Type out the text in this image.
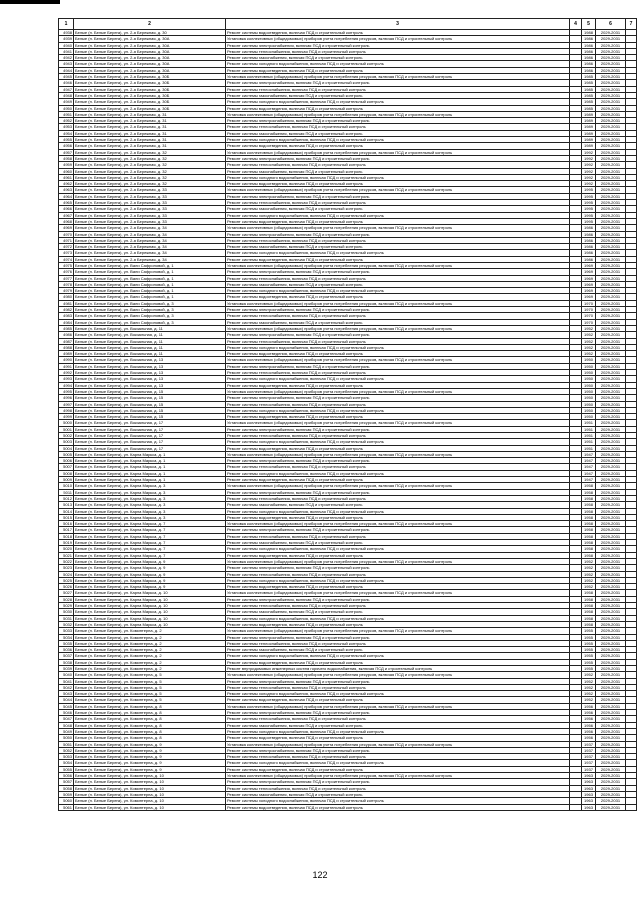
1	2	3	4	5	6	7
4938	Белые (п. Белые Берега), ул. 2-я Бережная, д. 30	Ремонт системы водоотведения, включая ПСД и строительный контроль		1988	2029-2031	
4939	Белые (п. Белые Берега), ул. 2-я Бережная, д. 30А	Установка коллективных (общедомовых) приборов учета потребления ресурсов, включая ПСД и строительный контроль		1986	2029-2031	
4940	Белые (п. Белые Берега), ул. 2-я Бережная, д. 30А	Ремонт системы электроснабжения, включая ПСД и строительный контроль		1986	2029-2031	
4941	Белые (п. Белые Берега), ул. 2-я Бережная, д. 30А	Ремонт системы теплоснабжения, включая ПСД и строительный контроль		1986	2029-2031	
4942	Белые (п. Белые Берега), ул. 2-я Бережная, д. 30А	Ремонт системы газоснабжения, включая ПСД и строительный контроль		1986	2029-2031	
4943	Белые (п. Белые Берега), ул. 2-я Бережная, д. 30А	Ремонт системы холодного водоснабжения, включая ПСД и строительный контроль		1986	2029-2031	
4944	Белые (п. Белые Берега), ул. 2-я Бережная, д. 30А	Ремонт системы водоотведения, включая ПСД и строительный контроль		1986	2029-2031	
4945	Белые (п. Белые Берега), ул. 2-я Бережная, д. 30Б	Установка коллективных (общедомовых) приборов учета потребления ресурсов, включая ПСД и строительный контроль		1985	2029-2031	
4946	Белые (п. Белые Берега), ул. 2-я Бережная, д. 30Б	Ремонт системы электроснабжения, включая ПСД и строительный контроль		1985	2029-2031	
4947	Белые (п. Белые Берега), ул. 2-я Бережная, д. 30Б	Ремонт системы теплоснабжения, включая ПСД и строительный контроль		1985	2029-2031	
4948	Белые (п. Белые Берега), ул. 2-я Бережная, д. 30Б	Ремонт системы газоснабжения, включая ПСД и строительный контроль		1985	2029-2031	
4949	Белые (п. Белые Берега), ул. 2-я Бережная, д. 30Б	Ремонт системы холодного водоснабжения, включая ПСД и строительный контроль		1985	2029-2031	
4950	Белые (п. Белые Берега), ул. 2-я Бережная, д. 30Б	Ремонт системы водоотведения, включая ПСД и строительный контроль		1985	2029-2031	
4951	Белые (п. Белые Берега), ул. 2-я Бережная, д. 31	Установка коллективных (общедомовых) приборов учета потребления ресурсов, включая ПСД и строительный контроль		1989	2029-2031	
4952	Белые (п. Белые Берега), ул. 2-я Бережная, д. 31	Ремонт системы электроснабжения, включая ПСД и строительный контроль		1989	2029-2031	
4953	Белые (п. Белые Берега), ул. 2-я Бережная, д. 31	Ремонт системы теплоснабжения, включая ПСД и строительный контроль		1989	2029-2031	
4954	Белые (п. Белые Берега), ул. 2-я Бережная, д. 31	Ремонт системы газоснабжения, включая ПСД и строительный контроль		1989	2029-2031	
4955	Белые (п. Белые Берега), ул. 2-я Бережная, д. 31	Ремонт системы холодного водоснабжения, включая ПСД и строительный контроль		1989	2029-2031	
4956	Белые (п. Белые Берега), ул. 2-я Бережная, д. 31	Ремонт системы водоотведения, включая ПСД и строительный контроль		1989	2029-2031	
4957	Белые (п. Белые Берега), ул. 2-я Бережная, д. 32	Установка коллективных (общедомовых) приборов учета потребления ресурсов, включая ПСД и строительный контроль		1992	2029-2031	
4958	Белые (п. Белые Берега), ул. 2-я Бережная, д. 32	Ремонт системы электроснабжения, включая ПСД и строительный контроль		1992	2029-2031	
4959	Белые (п. Белые Берега), ул. 2-я Бережная, д. 32	Ремонт системы теплоснабжения, включая ПСД и строительный контроль		1992	2029-2031	
4960	Белые (п. Белые Берега), ул. 2-я Бережная, д. 32	Ремонт системы газоснабжения, включая ПСД и строительный контроль		1992	2029-2031	
4961	Белые (п. Белые Берега), ул. 2-я Бережная, д. 32	Ремонт системы холодного водоснабжения, включая ПСД и строительный контроль		1992	2029-2031	
4962	Белые (п. Белые Берега), ул. 2-я Бережная, д. 32	Ремонт системы водоотведения, включая ПСД и строительный контроль		1992	2029-2031	
4963	Белые (п. Белые Берега), ул. 2-я Бережная, д. 33	Установка коллективных (общедомовых) приборов учета потребления ресурсов, включая ПСД и строительный контроль		1995	2029-2031	
4964	Белые (п. Белые Берега), ул. 2-я Бережная, д. 33	Ремонт системы электроснабжения, включая ПСД и строительный контроль		1995	2029-2031	
4965	Белые (п. Белые Берега), ул. 2-я Бережная, д. 33	Ремонт системы теплоснабжения, включая ПСД и строительный контроль		1995	2029-2031	
4966	Белые (п. Белые Берега), ул. 2-я Бережная, д. 33	Ремонт системы газоснабжения, включая ПСД и строительный контроль		1995	2029-2031	
4967	Белые (п. Белые Берега), ул. 2-я Бережная, д. 33	Ремонт системы холодного водоснабжения, включая ПСД и строительный контроль		1995	2029-2031	
4968	Белые (п. Белые Берега), ул. 2-я Бережная, д. 33	Ремонт системы водоотведения, включая ПСД и строительный контроль		1995	2029-2031	
4969	Белые (п. Белые Берега), ул. 2-я Бережная, д. 34	Установка коллективных (общедомовых) приборов учета потребления ресурсов, включая ПСД и строительный контроль		1986	2029-2031	
4970	Белые (п. Белые Берега), ул. 2-я Бережная, д. 34	Ремонт системы электроснабжения, включая ПСД и строительный контроль		1986	2029-2031	
4971	Белые (п. Белые Берега), ул. 2-я Бережная, д. 34	Ремонт системы теплоснабжения, включая ПСД и строительный контроль		1986	2029-2031	
4972	Белые (п. Белые Берега), ул. 2-я Бережная, д. 34	Ремонт системы газоснабжения, включая ПСД и строительный контроль		1986	2029-2031	
4973	Белые (п. Белые Берега), ул. 2-я Бережная, д. 34	Ремонт системы холодного водоснабжения, включая ПСД и строительный контроль		1986	2029-2031	
4974	Белые (п. Белые Берега), ул. 2-я Бережная, д. 34	Ремонт системы водоотведения, включая ПСД и строительный контроль		1986	2029-2031	
4975	Белые (п. Белые Берега), ул. Вали Сафроновой, д. 1	Установка коллективных (общедомовых) приборов учета потребления ресурсов, включая ПСД и строительный контроль		1969	2029-2031	
4976	Белые (п. Белые Берега), ул. Вали Сафроновой, д. 1	Ремонт системы электроснабжения, включая ПСД и строительный контроль		1969	2029-2031	
4977	Белые (п. Белые Берега), ул. Вали Сафроновой, д. 1	Ремонт системы теплоснабжения, включая ПСД и строительный контроль		1969	2029-2031	
4978	Белые (п. Белые Берега), ул. Вали Сафроновой, д. 1	Ремонт системы газоснабжения, включая ПСД и строительный контроль		1969	2029-2031	
4979	Белые (п. Белые Берега), ул. Вали Сафроновой, д. 1	Ремонт системы холодного водоснабжения, включая ПСД и строительный контроль		1969	2029-2031	
4980	Белые (п. Белые Берега), ул. Вали Сафроновой, д. 1	Ремонт системы водоотведения, включая ПСД и строительный контроль		1969	2029-2031	
4981	Белые (п. Белые Берега), ул. Вали Сафроновой, д. 3	Установка коллективных (общедомовых) приборов учета потребления ресурсов, включая ПСД и строительный контроль		1970	2029-2031	
4982	Белые (п. Белые Берега), ул. Вали Сафроновой, д. 3	Ремонт системы электроснабжения, включая ПСД и строительный контроль		1970	2029-2031	
4983	Белые (п. Белые Берега), ул. Вали Сафроновой, д. 3	Ремонт системы теплоснабжения, включая ПСД и строительный контроль		1970	2029-2031	
4984	Белые (п. Белые Берега), ул. Вали Сафроновой, д. 3	Ремонт системы газоснабжения, включая ПСД и строительный контроль		1970	2029-2031	
4985	Белые (п. Белые Берега), ул. Вокзальная, д. 11	Установка коллективных (общедомовых) приборов учета потребления ресурсов, включая ПСД и строительный контроль		1952	2029-2031	
4986	Белые (п. Белые Берега), ул. Вокзальная, д. 11	Ремонт системы электроснабжения, включая ПСД и строительный контроль		1952	2029-2031	
4987	Белые (п. Белые Берега), ул. Вокзальная, д. 11	Ремонт системы теплоснабжения, включая ПСД и строительный контроль		1952	2029-2031	
4988	Белые (п. Белые Берега), ул. Вокзальная, д. 11	Ремонт системы холодного водоснабжения, включая ПСД и строительный контроль		1952	2029-2031	
4989	Белые (п. Белые Берега), ул. Вокзальная, д. 11	Ремонт системы водоотведения, включая ПСД и строительный контроль		1952	2029-2031	
4990	Белые (п. Белые Берега), ул. Вокзальная, д. 13	Установка коллективных (общедомовых) приборов учета потребления ресурсов, включая ПСД и строительный контроль		1950	2029-2031	
4991	Белые (п. Белые Берега), ул. Вокзальная, д. 13	Ремонт системы электроснабжения, включая ПСД и строительный контроль		1950	2029-2031	
4992	Белые (п. Белые Берега), ул. Вокзальная, д. 13	Ремонт системы теплоснабжения, включая ПСД и строительный контроль		1950	2029-2031	
4993	Белые (п. Белые Берега), ул. Вокзальная, д. 13	Ремонт системы холодного водоснабжения, включая ПСД и строительный контроль		1950	2029-2031	
4994	Белые (п. Белые Берега), ул. Вокзальная, д. 13	Ремонт системы водоотведения, включая ПСД и строительный контроль		1950	2029-2031	
4995	Белые (п. Белые Берега), ул. Вокзальная, д. 15	Установка коллективных (общедомовых) приборов учета потребления ресурсов, включая ПСД и строительный контроль		1950	2029-2031	
4996	Белые (п. Белые Берега), ул. Вокзальная, д. 15	Ремонт системы электроснабжения, включая ПСД и строительный контроль		1950	2029-2031	
4997	Белые (п. Белые Берега), ул. Вокзальная, д. 15	Ремонт системы теплоснабжения, включая ПСД и строительный контроль		1950	2029-2031	
4998	Белые (п. Белые Берега), ул. Вокзальная, д. 15	Ремонт системы холодного водоснабжения, включая ПСД и строительный контроль		1950	2029-2031	
4999	Белые (п. Белые Берега), ул. Вокзальная, д. 15	Ремонт системы водоотведения, включая ПСД и строительный контроль		1950	2029-2031	
5000	Белые (п. Белые Берега), ул. Вокзальная, д. 17	Установка коллективных (общедомовых) приборов учета потребления ресурсов, включая ПСД и строительный контроль		1951	2029-2031	
5001	Белые (п. Белые Берега), ул. Вокзальная, д. 17	Ремонт системы электроснабжения, включая ПСД и строительный контроль		1951	2029-2031	
5002	Белые (п. Белые Берега), ул. Вокзальная, д. 17	Ремонт системы теплоснабжения, включая ПСД и строительный контроль		1951	2029-2031	
5003	Белые (п. Белые Берега), ул. Вокзальная, д. 17	Ремонт системы холодного водоснабжения, включая ПСД и строительный контроль		1951	2029-2031	
5004	Белые (п. Белые Берега), ул. Вокзальная, д. 17	Ремонт системы водоотведения, включая ПСД и строительный контроль		1951	2029-2031	
5005	Белые (п. Белые Берега), ул. Карла Маркса, д. 1	Установка коллективных (общедомовых) приборов учета потребления ресурсов, включая ПСД и строительный контроль		1947	2029-2031	
5006	Белые (п. Белые Берега), ул. Карла Маркса, д. 1	Ремонт системы электроснабжения, включая ПСД и строительный контроль		1947	2029-2031	
5007	Белые (п. Белые Берега), ул. Карла Маркса, д. 1	Ремонт системы теплоснабжения, включая ПСД и строительный контроль		1947	2029-2031	
5008	Белые (п. Белые Берега), ул. Карла Маркса, д. 1	Ремонт системы холодного водоснабжения, включая ПСД и строительный контроль		1947	2029-2031	
5009	Белые (п. Белые Берега), ул. Карла Маркса, д. 1	Ремонт системы водоотведения, включая ПСД и строительный контроль		1947	2029-2031	
5010	Белые (п. Белые Берега), ул. Карла Маркса, д. 3	Установка коллективных (общедомовых) приборов учета потребления ресурсов, включая ПСД и строительный контроль		1958	2029-2031	
5011	Белые (п. Белые Берега), ул. Карла Маркса, д. 3	Ремонт системы электроснабжения, включая ПСД и строительный контроль		1958	2029-2031	
5012	Белые (п. Белые Берега), ул. Карла Маркса, д. 3	Ремонт системы теплоснабжения, включая ПСД и строительный контроль		1958	2029-2031	
5013	Белые (п. Белые Берега), ул. Карла Маркса, д. 3	Ремонт системы газоснабжения, включая ПСД и строительный контроль		1958	2029-2031	
5014	Белые (п. Белые Берега), ул. Карла Маркса, д. 3	Ремонт системы холодного водоснабжения, включая ПСД и строительный контроль		1958	2029-2031	
5015	Белые (п. Белые Берега), ул. Карла Маркса, д. 3	Ремонт системы водоотведения, включая ПСД и строительный контроль		1958	2029-2031	
5016	Белые (п. Белые Берега), ул. Карла Маркса, д. 7	Установка коллективных (общедомовых) приборов учета потребления ресурсов, включая ПСД и строительный контроль		1958	2029-2031	
5017	Белые (п. Белые Берега), ул. Карла Маркса, д. 7	Ремонт системы электроснабжения, включая ПСД и строительный контроль		1958	2029-2031	
5018	Белые (п. Белые Берега), ул. Карла Маркса, д. 7	Ремонт системы теплоснабжения, включая ПСД и строительный контроль		1958	2029-2031	
5019	Белые (п. Белые Берега), ул. Карла Маркса, д. 7	Ремонт системы газоснабжения, включая ПСД и строительный контроль		1958	2029-2031	
5020	Белые (п. Белые Берега), ул. Карла Маркса, д. 7	Ремонт системы холодного водоснабжения, включая ПСД и строительный контроль		1958	2029-2031	
5021	Белые (п. Белые Берега), ул. Карла Маркса, д. 7	Ремонт системы водоотведения, включая ПСД и строительный контроль		1958	2029-2031	
5022	Белые (п. Белые Берега), ул. Карла Маркса, д. 9	Установка коллективных (общедомовых) приборов учета потребления ресурсов, включая ПСД и строительный контроль		1952	2029-2031	
5023	Белые (п. Белые Берега), ул. Карла Маркса, д. 9	Ремонт системы электроснабжения, включая ПСД и строительный контроль		1952	2029-2031	
5024	Белые (п. Белые Берега), ул. Карла Маркса, д. 9	Ремонт системы теплоснабжения, включая ПСД и строительный контроль		1952	2029-2031	
5025	Белые (п. Белые Берега), ул. Карла Маркса, д. 9	Ремонт системы холодного водоснабжения, включая ПСД и строительный контроль		1952	2029-2031	
5026	Белые (п. Белые Берега), ул. Карла Маркса, д. 9	Ремонт системы водоотведения, включая ПСД и строительный контроль		1952	2029-2031	
5027	Белые (п. Белые Берега), ул. Карла Маркса, д. 10	Установка коллективных (общедомовых) приборов учета потребления ресурсов, включая ПСД и строительный контроль		1958	2029-2031	
5028	Белые (п. Белые Берега), ул. Карла Маркса, д. 10	Ремонт системы электроснабжения, включая ПСД и строительный контроль		1958	2029-2031	
5029	Белые (п. Белые Берега), ул. Карла Маркса, д. 10	Ремонт системы теплоснабжения, включая ПСД и строительный контроль		1958	2029-2031	
5030	Белые (п. Белые Берега), ул. Карла Маркса, д. 10	Ремонт системы газоснабжения, включая ПСД и строительный контроль		1958	2029-2031	
5031	Белые (п. Белые Берега), ул. Карла Маркса, д. 10	Ремонт системы холодного водоснабжения, включая ПСД и строительный контроль		1958	2029-2031	
5032	Белые (п. Белые Берега), ул. Карла Маркса, д. 10	Ремонт системы водоотведения, включая ПСД и строительный контроль		1958	2029-2031	
5033	Белые (п. Белые Берега), ул. Коминтерна, д. 2	Установка коллективных (общедомовых) приборов учета потребления ресурсов, включая ПСД и строительный контроль		1955	2029-2031	
5034	Белые (п. Белые Берега), ул. Коминтерна, д. 2	Ремонт системы электроснабжения, включая ПСД и строительный контроль		1955	2029-2031	
5035	Белые (п. Белые Берега), ул. Коминтерна, д. 2	Ремонт системы теплоснабжения, включая ПСД и строительный контроль		1955	2029-2031	
5036	Белые (п. Белые Берега), ул. Коминтерна, д. 2	Ремонт системы газоснабжения, включая ПСД и строительный контроль		1955	2029-2031	
5037	Белые (п. Белые Берега), ул. Коминтерна, д. 2	Ремонт системы холодного водоснабжения, включая ПСД и строительный контроль		1955	2029-2031	
5038	Белые (п. Белые Берега), ул. Коминтерна, д. 2	Ремонт системы водоотведения, включая ПСД и строительный контроль		1955	2029-2031	
5039	Белые (п. Белые Берега), ул. Коминтерна, д. 2	Ремонт внутридомовых инженерных систем горячего водоснабжения, включая ПСД и строительный контроль		1955	2029-2031	
5040	Белые (п. Белые Берега), ул. Коминтерна, д. 5	Установка коллективных (общедомовых) приборов учета потребления ресурсов, включая ПСД и строительный контроль		1952	2029-2031	
5041	Белые (п. Белые Берега), ул. Коминтерна, д. 5	Ремонт системы электроснабжения, включая ПСД и строительный контроль		1952	2029-2031	
5042	Белые (п. Белые Берега), ул. Коминтерна, д. 5	Ремонт системы теплоснабжения, включая ПСД и строительный контроль		1952	2029-2031	
5043	Белые (п. Белые Берега), ул. Коминтерна, д. 5	Ремонт системы холодного водоснабжения, включая ПСД и строительный контроль		1952	2029-2031	
5044	Белые (п. Белые Берега), ул. Коминтерна, д. 5	Ремонт системы водоотведения, включая ПСД и строительный контроль		1952	2029-2031	
5045	Белые (п. Белые Берега), ул. Коминтерна, д. 8	Установка коллективных (общедомовых) приборов учета потребления ресурсов, включая ПСД и строительный контроль		1956	2029-2031	
5046	Белые (п. Белые Берега), ул. Коминтерна, д. 8	Ремонт системы электроснабжения, включая ПСД и строительный контроль		1956	2029-2031	
5047	Белые (п. Белые Берега), ул. Коминтерна, д. 8	Ремонт системы теплоснабжения, включая ПСД и строительный контроль		1956	2029-2031	
5048	Белые (п. Белые Берега), ул. Коминтерна, д. 8	Ремонт системы газоснабжения, включая ПСД и строительный контроль		1956	2029-2031	
5049	Белые (п. Белые Берега), ул. Коминтерна, д. 8	Ремонт системы холодного водоснабжения, включая ПСД и строительный контроль		1956	2029-2031	
5050	Белые (п. Белые Берега), ул. Коминтерна, д. 8	Ремонт системы водоотведения, включая ПСД и строительный контроль		1956	2029-2031	
5051	Белые (п. Белые Берега), ул. Коминтерна, д. 9	Установка коллективных (общедомовых) приборов учета потребления ресурсов, включая ПСД и строительный контроль		1937	2029-2031	
5052	Белые (п. Белые Берега), ул. Коминтерна, д. 9	Ремонт системы электроснабжения, включая ПСД и строительный контроль		1937	2029-2031	
5053	Белые (п. Белые Берега), ул. Коминтерна, д. 9	Ремонт системы теплоснабжения, включая ПСД и строительный контроль		1937	2029-2031	
5054	Белые (п. Белые Берега), ул. Коминтерна, д. 9	Ремонт системы холодного водоснабжения, включая ПСД и строительный контроль		1937	2029-2031	
5055	Белые (п. Белые Берега), ул. Коминтерна, д. 9	Ремонт системы водоотведения, включая ПСД и строительный контроль		1937	2029-2031	
5056	Белые (п. Белые Берега), ул. Коминтерна, д. 10	Установка коллективных (общедомовых) приборов учета потребления ресурсов, включая ПСД и строительный контроль		1963	2029-2031	
5057	Белые (п. Белые Берега), ул. Коминтерна, д. 10	Ремонт системы электроснабжения, включая ПСД и строительный контроль		1963	2029-2031	
5058	Белые (п. Белые Берега), ул. Коминтерна, д. 10	Ремонт системы теплоснабжения, включая ПСД и строительный контроль		1963	2029-2031	
5059	Белые (п. Белые Берега), ул. Коминтерна, д. 10	Ремонт системы газоснабжения, включая ПСД и строительный контроль		1963	2029-2031	
5060	Белые (п. Белые Берега), ул. Коминтерна, д. 10	Ремонт системы холодного водоснабжения, включая ПСД и строительный контроль		1963	2029-2031	
5061	Белые (п. Белые Берега), ул. Коминтерна, д. 10	Ремонт системы водоотведения, включая ПСД и строительный контроль		1963	2029-2031	
122
